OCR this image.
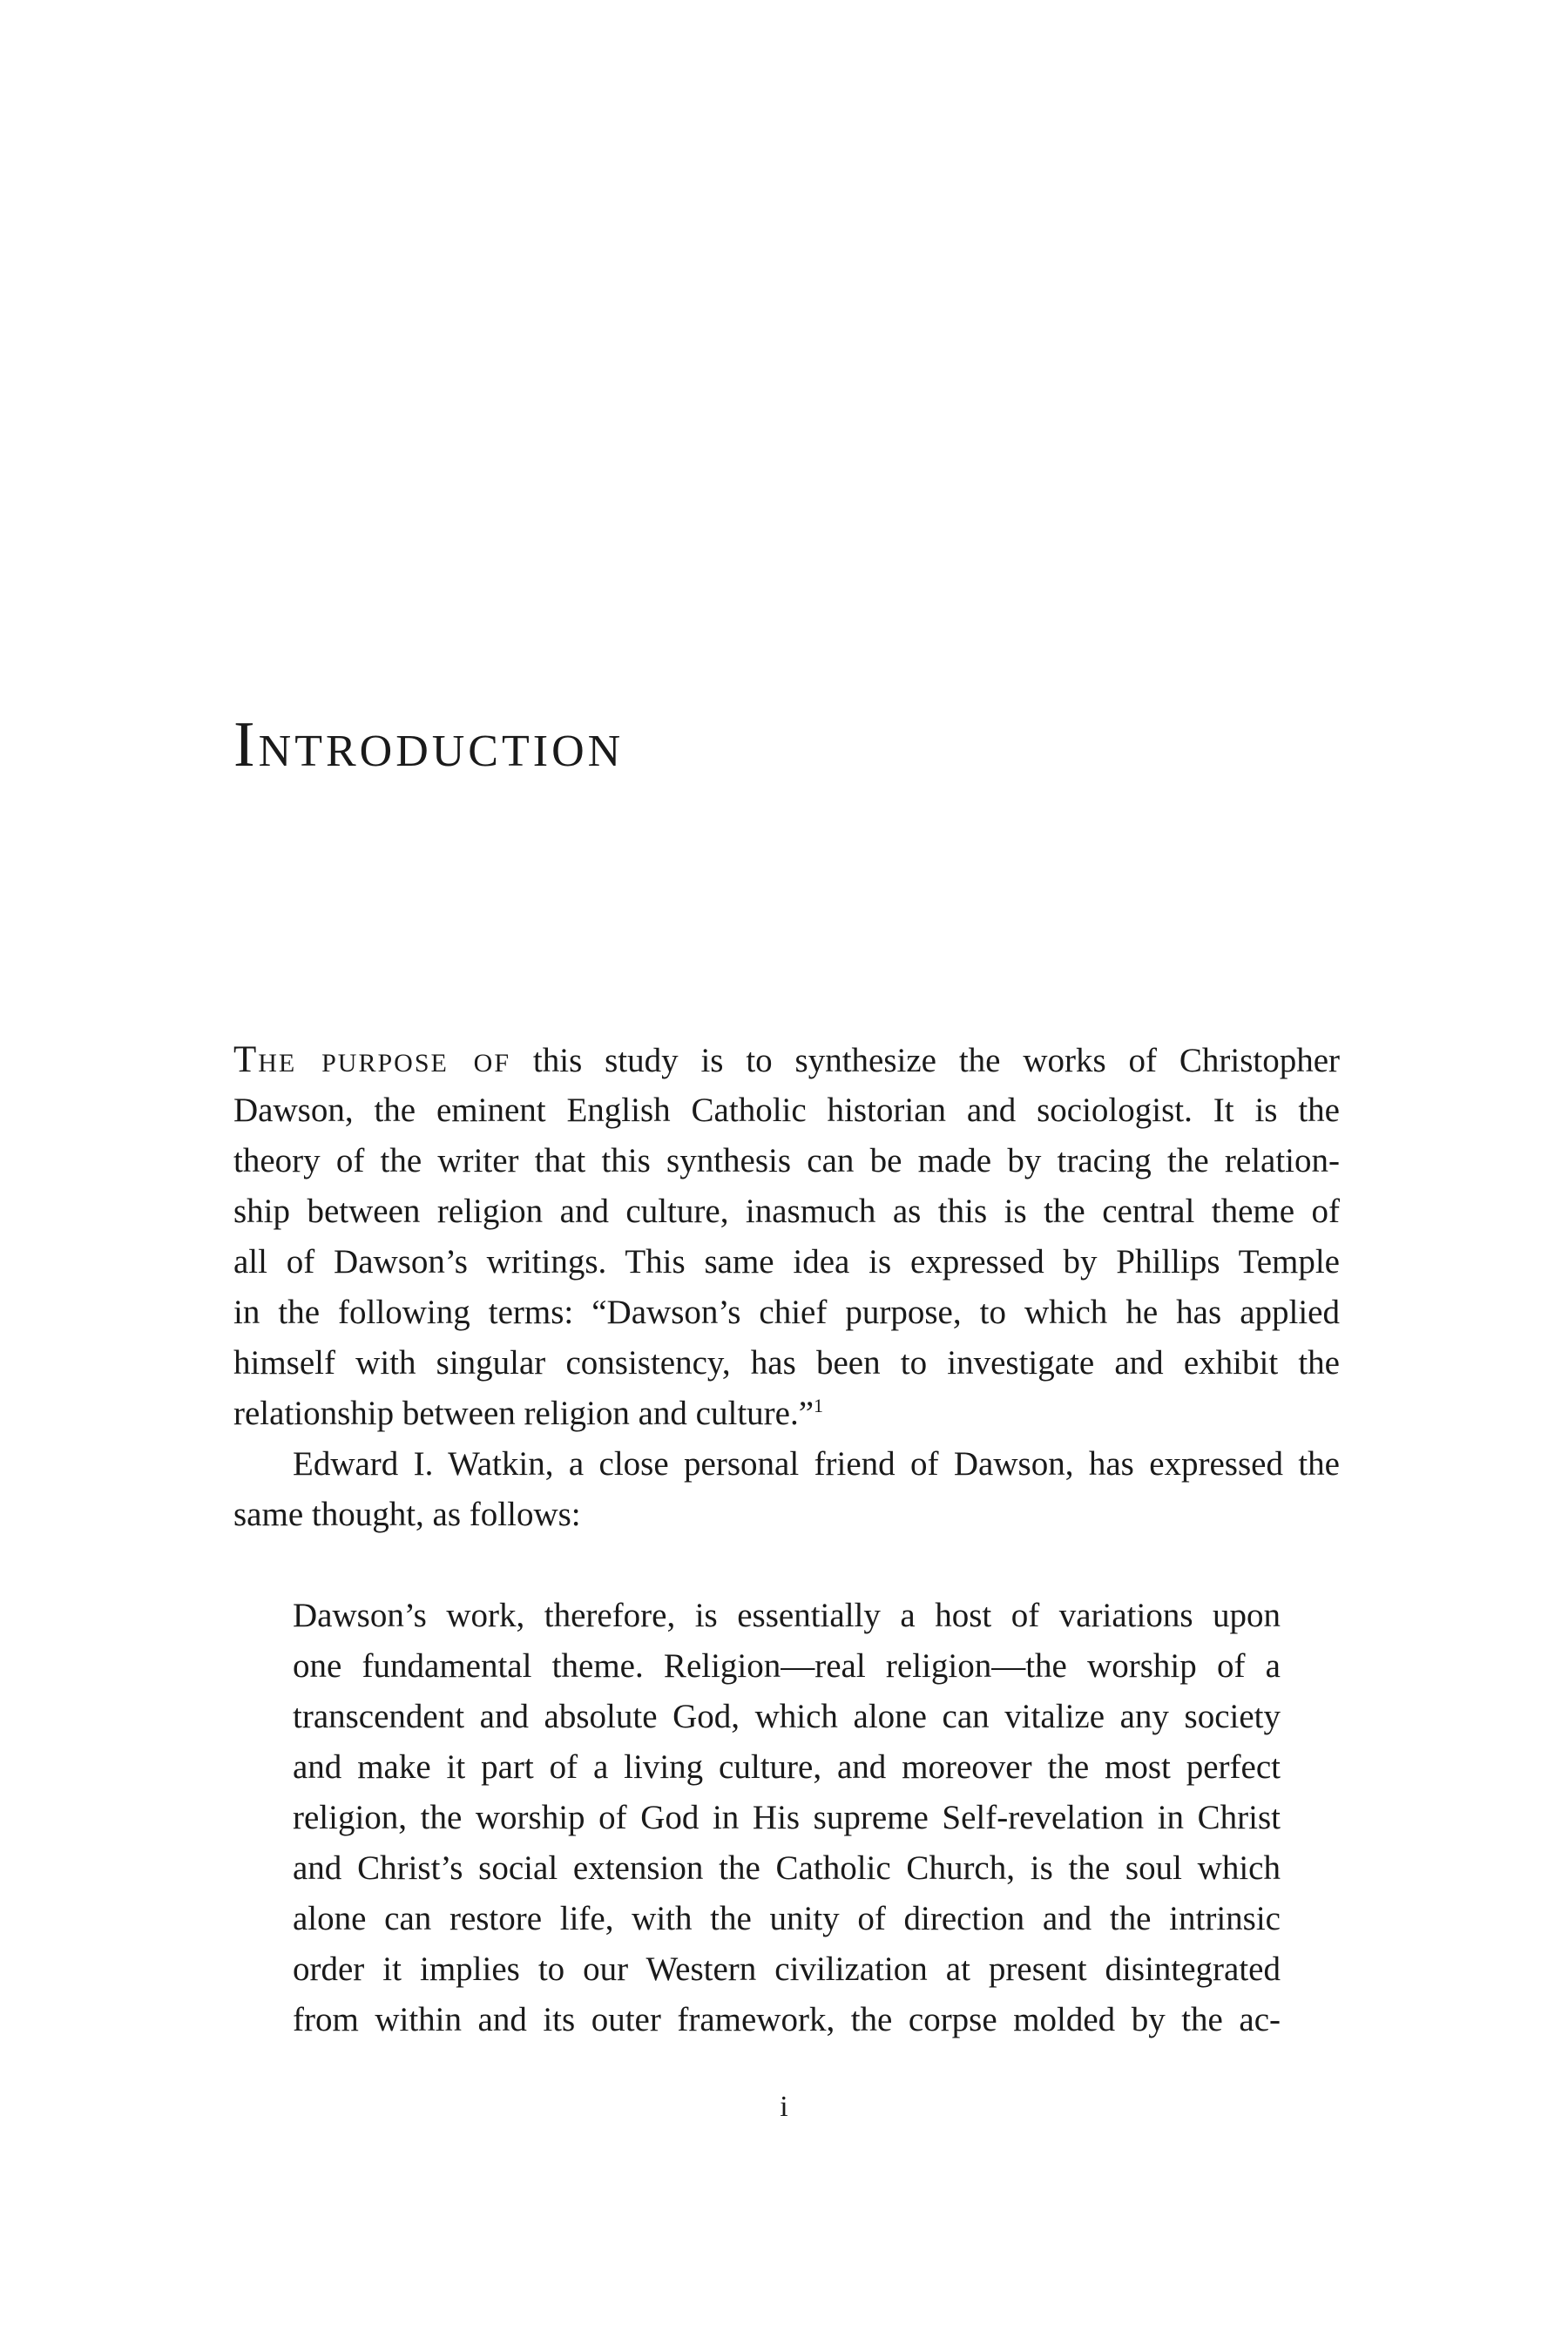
Introduction
The purpose of this study is to synthesize the works of Christopher
Dawson, the eminent English Catholic historian and sociologist. It is the
theory of the writer that this synthesis can be made by tracing the relation-
ship between religion and culture, inasmuch as this is the central theme of
all of Dawson’s writings. This same idea is expressed by Phillips Temple
in the following terms: “Dawson’s chief purpose, to which he has applied
himself with singular consistency, has been to investigate and exhibit the
relationship between religion and culture.”$^1$
Edward I. Watkin, a close personal friend of Dawson, has expressed the
same thought, as follows:
Dawson’s work, therefore, is essentially a host of variations upon
one fundamental theme. Religion—real religion—the worship of a
transcendent and absolute God, which alone can vitalize any society
and make it part of a living culture, and moreover the most perfect
religion, the worship of God in His supreme Self-revelation in Christ
and Christ’s social extension the Catholic Church, is the soul which
alone can restore life, with the unity of direction and the intrinsic
order it implies to our Western civilization at present disintegrated
from within and its outer framework, the corpse molded by the ac-
i
